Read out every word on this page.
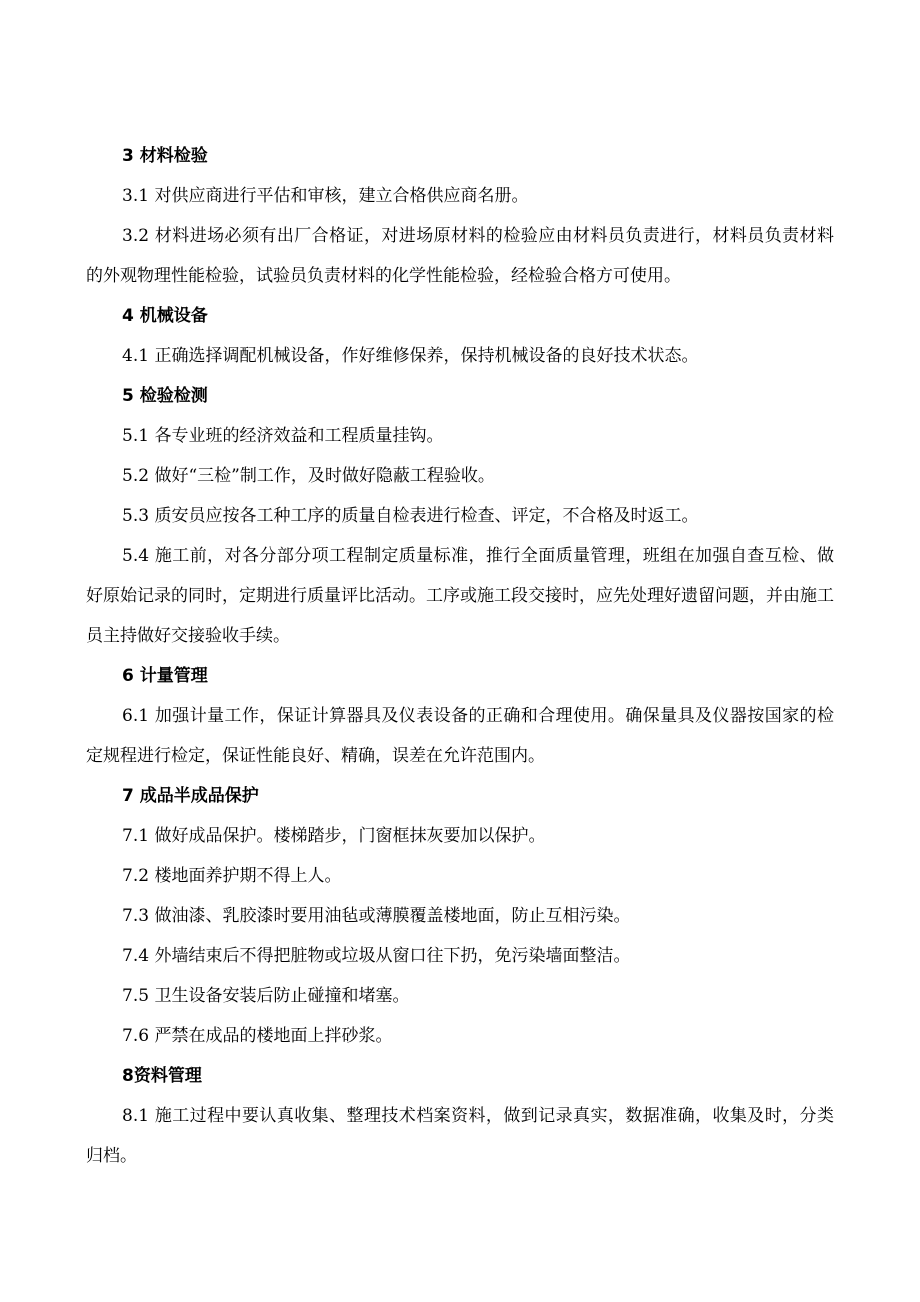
3 材料检验

3.1 对供应商进行平估和审核，建立合格供应商名册。

3.2 材料进场必须有出厂合格证，对进场原材料的检验应由材料员负责进行，材料员负责材料的外观物理性能检验，试验员负责材料的化学性能检验，经检验合格方可使用。

4 机械设备

4.1 正确选择调配机械设备，作好维修保养，保持机械设备的良好技术状态。

5 检验检测

5.1 各专业班的经济效益和工程质量挂钩。

5.2 做好“三检”制工作，及时做好隐蔽工程验收。

5.3 质安员应按各工种工序的质量自检表进行检查、评定，不合格及时返工。

5.4 施工前，对各分部分项工程制定质量标准，推行全面质量管理，班组在加强自查互检、做好原始记录的同时，定期进行质量评比活动。工序或施工段交接时，应先处理好遗留问题，并由施工员主持做好交接验收手续。

6 计量管理

6.1 加强计量工作，保证计算器具及仪表设备的正确和合理使用。确保量具及仪器按国家的检定规程进行检定，保证性能良好、精确，误差在允许范围内。

7 成品半成品保护

7.1 做好成品保护。楼梯踏步，门窗框抹灰要加以保护。

7.2 楼地面养护期不得上人。

7.3 做油漆、乳胶漆时要用油毡或薄膜覆盖楼地面，防止互相污染。

7.4 外墙结束后不得把脏物或垃圾从窗口往下扔，免污染墙面整洁。

7.5 卫生设备安装后防止碰撞和堵塞。

7.6 严禁在成品的楼地面上拌砂浆。

8资料管理

8.1 施工过程中要认真收集、整理技术档案资料，做到记录真实，数据准确，收集及时，分类归档。
